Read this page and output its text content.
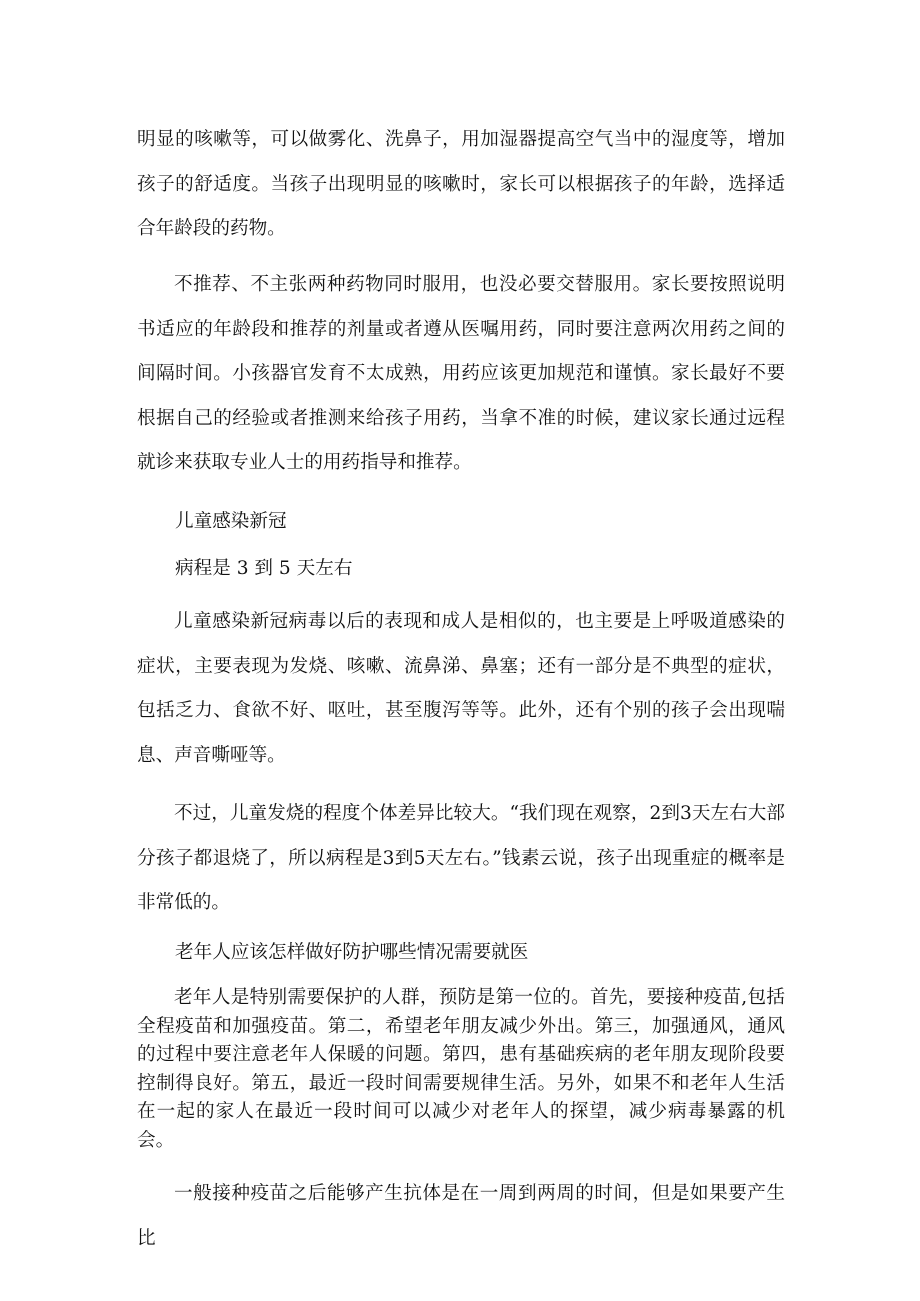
明显的咳嗽等，可以做雾化、洗鼻子，用加湿器提高空气当中的湿度等，增加孩子的舒适度。当孩子出现明显的咳嗽时，家长可以根据孩子的年龄，选择适合年龄段的药物。

不推荐、不主张两种药物同时服用，也没必要交替服用。家长要按照说明书适应的年龄段和推荐的剂量或者遵从医嘱用药，同时要注意两次用药之间的间隔时间。小孩器官发育不太成熟，用药应该更加规范和谨慎。家长最好不要根据自己的经验或者推测来给孩子用药，当拿不准的时候，建议家长通过远程就诊来获取专业人士的用药指导和推荐。

儿童感染新冠

病程是 3 到 5 天左右

儿童感染新冠病毒以后的表现和成人是相似的，也主要是上呼吸道感染的症状，主要表现为发烧、咳嗽、流鼻涕、鼻塞；还有一部分是不典型的症状，包括乏力、食欲不好、呕吐，甚至腹泻等等。此外，还有个别的孩子会出现喘息、声音嘶哑等。

不过，儿童发烧的程度个体差异比较大。“我们现在观察，2到3天左右大部分孩子都退烧了，所以病程是3到5天左右。”钱素云说，孩子出现重症的概率是非常低的。

老年人应该怎样做好防护哪些情况需要就医

老年人是特别需要保护的人群，预防是第一位的。首先，要接种疫苗,包括全程疫苗和加强疫苗。第二，希望老年朋友减少外出。第三，加强通风，通风的过程中要注意老年人保暖的问题。第四，患有基础疾病的老年朋友现阶段要控制得良好。第五，最近一段时间需要规律生活。另外，如果不和老年人生活在一起的家人在最近一段时间可以减少对老年人的探望，减少病毒暴露的机会。

一般接种疫苗之后能够产生抗体是在一周到两周的时间，但是如果要产生比
